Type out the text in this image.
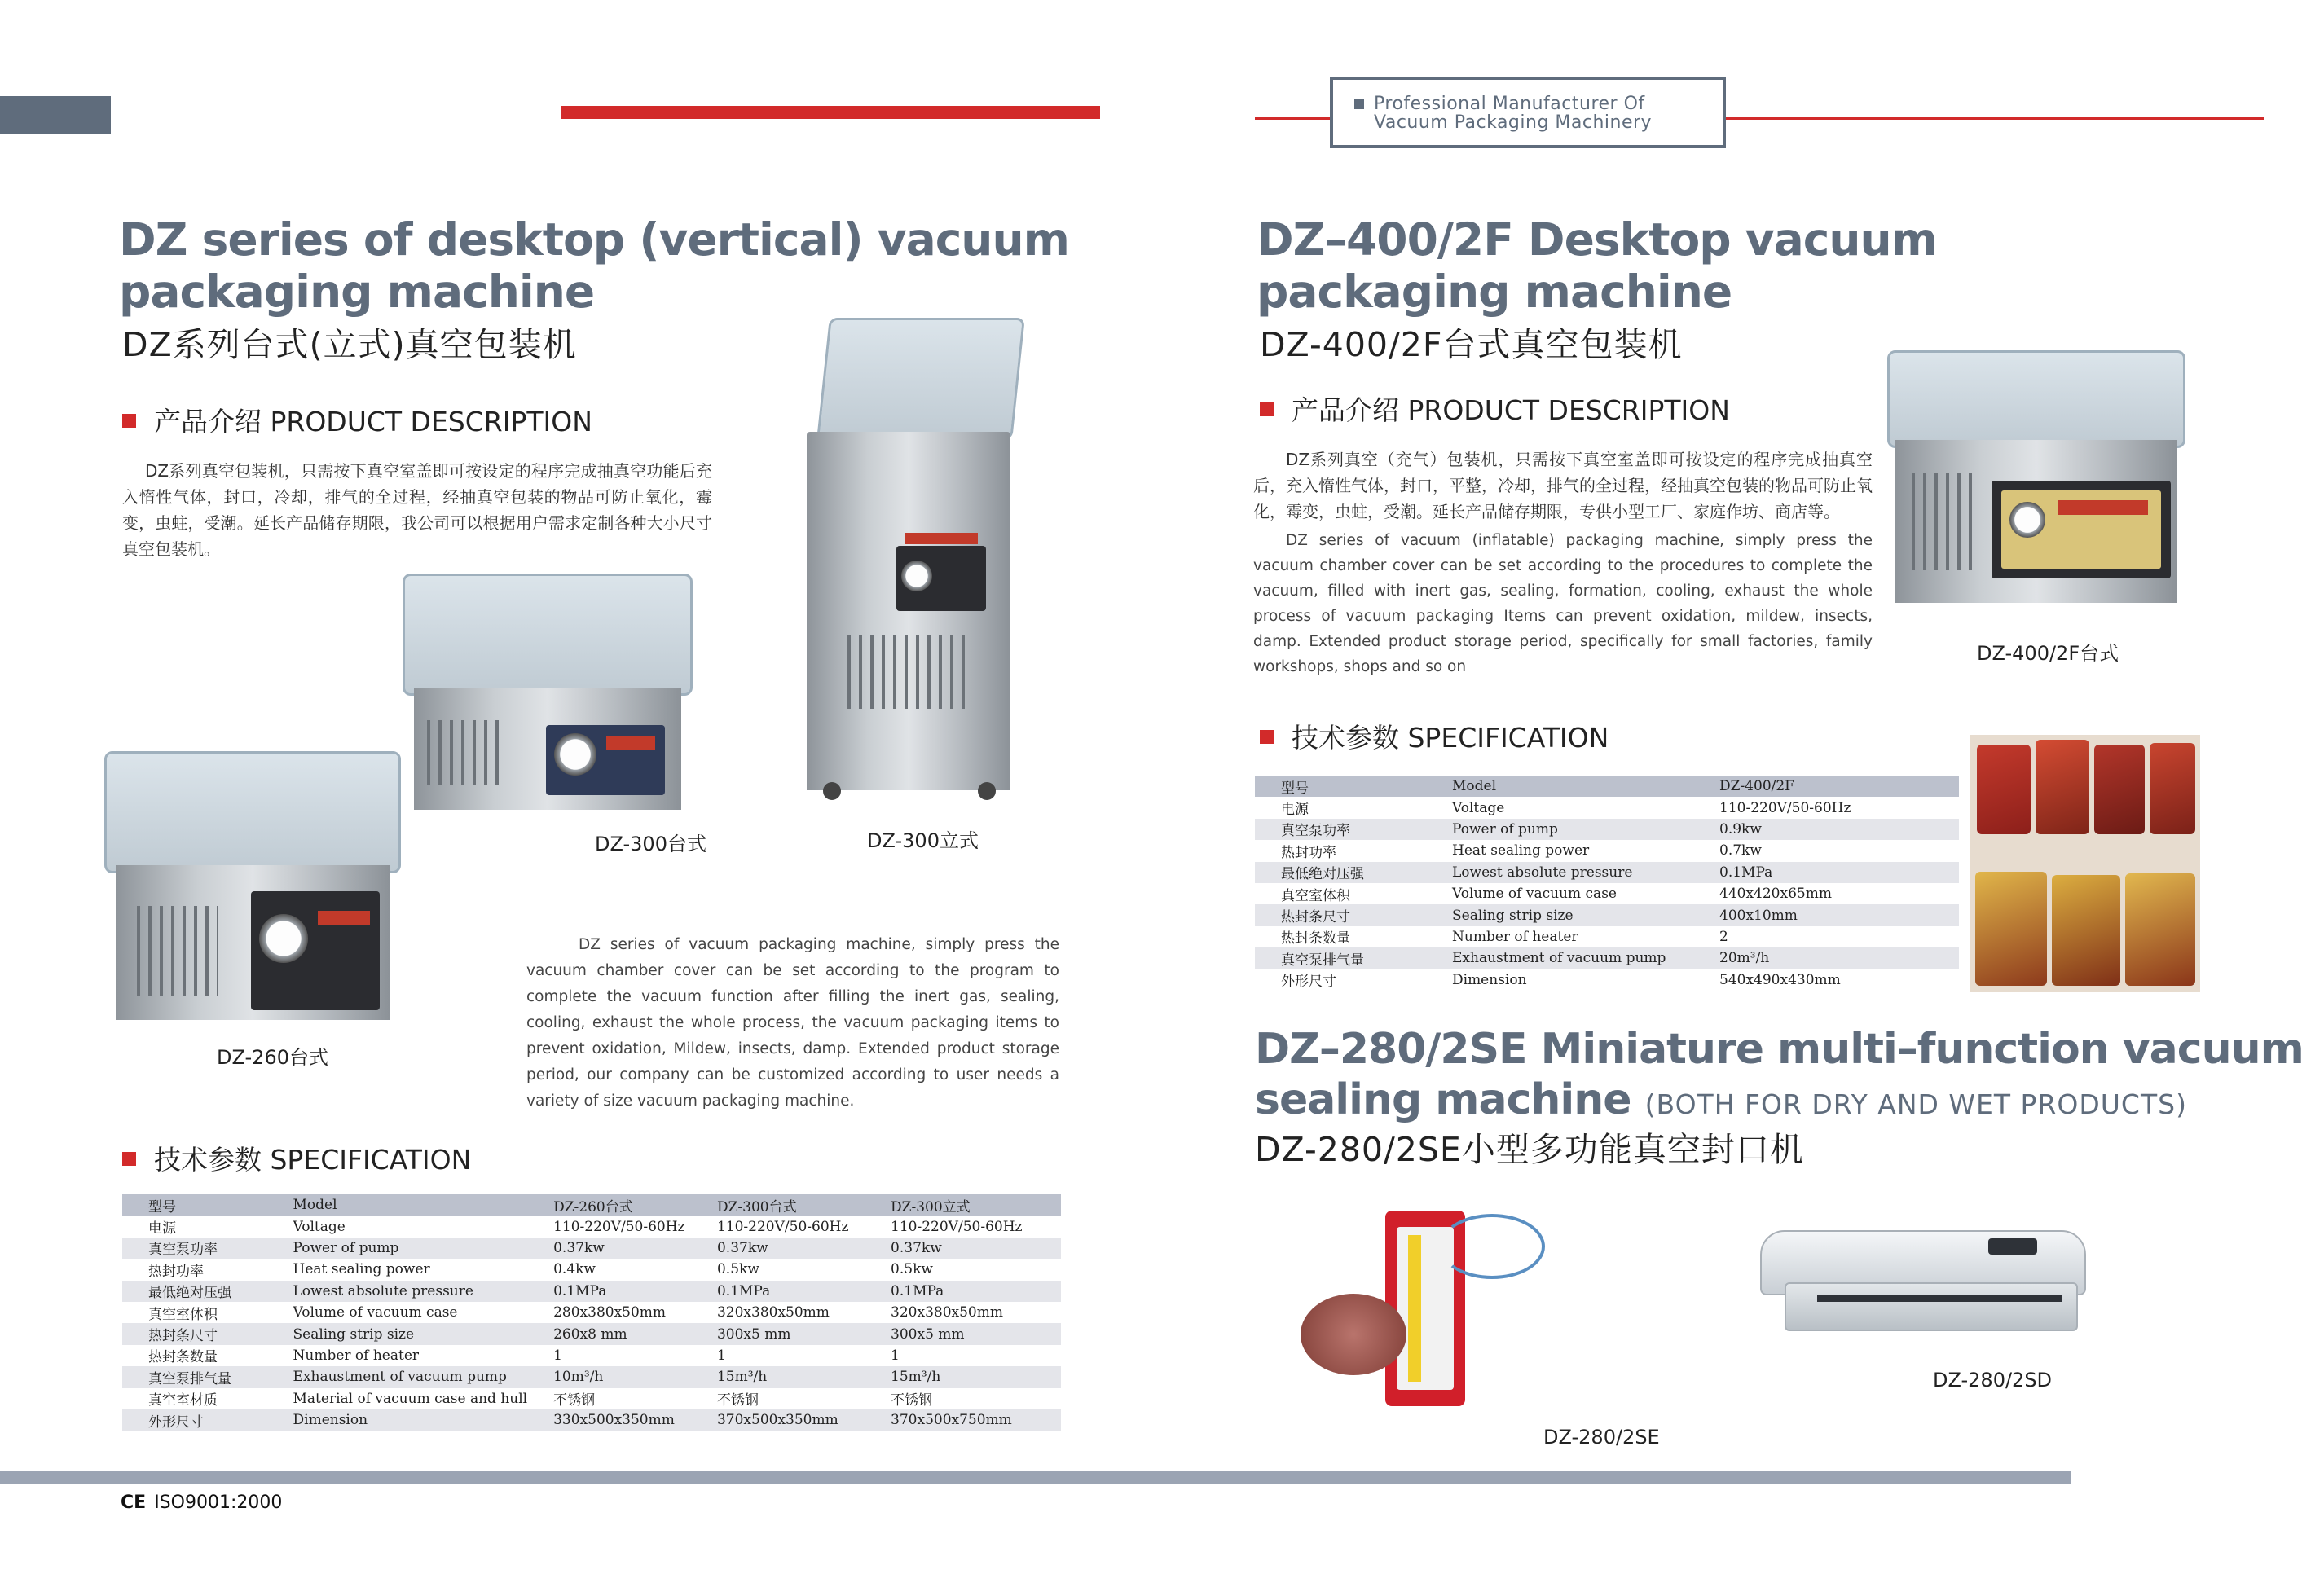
Professional Manufacturer Of
Vacuum Packaging Machinery
DZ series of desktop (vertical) vacuum
packaging machine
DZ系列台式(立式)真空包装机
产品介绍 PRODUCT DESCRIPTION
DZ系列真空包装机，只需按下真空室盖即可按设定的程序完成抽真空功能后充入惰性气体，封口，冷却，排气的全过程，经抽真空包装的物品可防止氧化，霉变，虫蛀，受潮。延长产品储存期限，我公司可以根据用户需求定制各种大小尺寸真空包装机。
DZ-300台式	DZ-300立式
DZ-260台式
DZ series of vacuum packaging machine, simply press the vacuum chamber cover can be set according to the program to complete the vacuum function after filling the inert gas, sealing, cooling, exhaust the whole process, the vacuum packaging items to prevent oxidation, Mildew, insects, damp. Extended product storage period, our company can be customized according to user needs a variety of size vacuum packaging machine.
技术参数 SPECIFICATION
型号	Model	DZ-260台式	DZ-300台式	DZ-300立式
电源	Voltage	110-220V/50-60Hz	110-220V/50-60Hz	110-220V/50-60Hz
真空泵功率	Power of pump	0.37kw	0.37kw	0.37kw
热封功率	Heat sealing power	0.4kw	0.5kw	0.5kw
最低绝对压强	Lowest absolute pressure	0.1MPa	0.1MPa	0.1MPa
真空室体积	Volume of vacuum case	280x380x50mm	320x380x50mm	320x380x50mm
热封条尺寸	Sealing strip size	260x8 mm	300x5 mm	300x5 mm
热封条数量	Number of heater	1	1	1
真空泵排气量	Exhaustment of vacuum pump	10m³/h	15m³/h	15m³/h
真空室材质	Material of vacuum case and hull	不锈钢	不锈钢	不锈钢
外形尺寸	Dimension	330x500x350mm	370x500x350mm	370x500x750mm
DZ–400/2F Desktop vacuum
packaging machine
DZ-400/2F台式真空包装机
产品介绍 PRODUCT DESCRIPTION
DZ系列真空（充气）包装机，只需按下真空室盖即可按设定的程序完成抽真空后，充入惰性气体，封口，平整，冷却，排气的全过程，经抽真空包装的物品可防止氧化，霉变，虫蛀，受潮。延长产品储存期限，专供小型工厂、家庭作坊、商店等。
DZ series of vacuum (inflatable) packaging machine, simply press the vacuum chamber cover can be set according to the procedures to complete the vacuum, filled with inert gas, sealing, formation, cooling, exhaust the whole process of vacuum packaging Items can prevent oxidation, mildew, insects, damp. Extended product storage period, specifically for small factories, family workshops, shops and so on
DZ-400/2F台式
技术参数 SPECIFICATION
型号	Model	DZ-400/2F
电源	Voltage	110-220V/50-60Hz
真空泵功率	Power of pump	0.9kw
热封功率	Heat sealing power	0.7kw
最低绝对压强	Lowest absolute pressure	0.1MPa
真空室体积	Volume of vacuum case	440x420x65mm
热封条尺寸	Sealing strip size	400x10mm
热封条数量	Number of heater	2
真空泵排气量	Exhaustment of vacuum pump	20m³/h
外形尺寸	Dimension	540x490x430mm
DZ–280/2SE Miniature multi–function vacuum
sealing machine (BOTH FOR DRY AND WET PRODUCTS)
DZ-280/2SE小型多功能真空封口机
DZ-280/2SE
DZ-280/2SD
CE ISO9001:2000
